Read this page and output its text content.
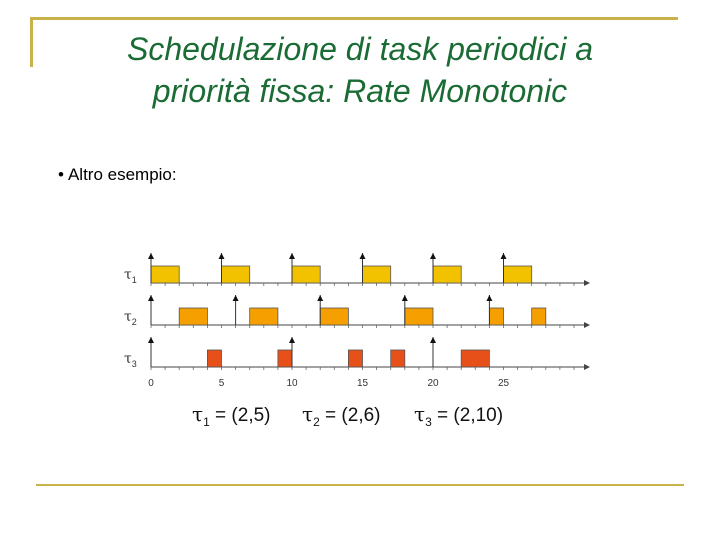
Schedulazione di task periodici a
priorità fissa: Rate Monotonic
• Altro esempio:
$\tau_1$
$\tau_2$
$\tau_3$
0	5	10	15	20	25
$\tau_1 = (2,5) \tau_2 = (2,6) \tau_3 = (2,10)$
